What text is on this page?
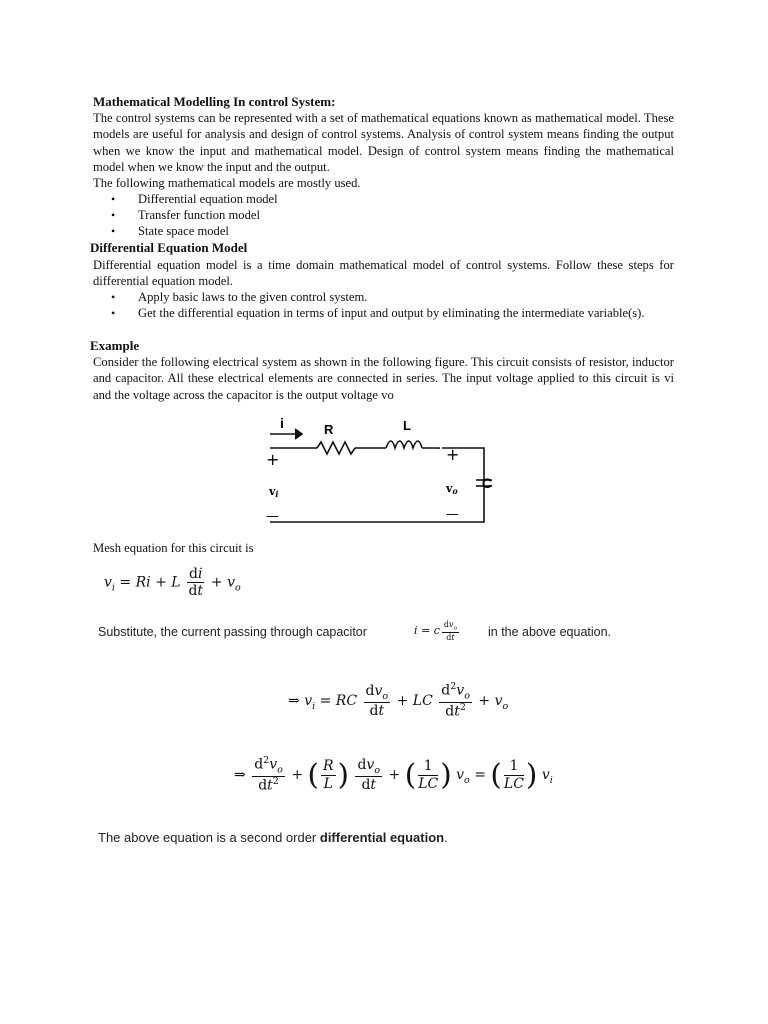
Mathematical Modelling In control System:
The control systems can be represented with a set of mathematical equations known as mathematical model. These models are useful for analysis and design of control systems. Analysis of control system means finding the output when we know the input and mathematical model. Design of control system means finding the mathematical model when we know the input and the output.
The following mathematical models are mostly used.
• Differential equation model
• Transfer function model
• State space model
Differential Equation Model
Differential equation model is a time domain mathematical model of control systems. Follow these steps for differential equation model.
• Apply basic laws to the given control system.
• Get the differential equation in terms of input and output by eliminating the intermediate variable(s).
Example
Consider the following electrical system as shown in the following figure. This circuit consists of resistor, inductor and capacitor. All these electrical elements are connected in series. The input voltage applied to this circuit is vi and the voltage across the capacitor is the output voltage vo
i	R	L
C
+	+
vi	vo
—	—
Mesh equation for this circuit is
$v_i = Ri + L \frac{di}{dt} + v_o$
Substitute, the current passing through capacitor	i = c $\frac{dv_o}{dt}$ in the above equation.
⇒ $v_i$ = RC $\frac{dv_o}{dt}$ + LC $\frac{d^2v_o}{dt^2} + v_o$
⇒ $\frac{d^2v_o}{dt^2}$ + ( $\frac{R}{L}$ ) $\frac{dv_o}{dt}$ + ( $\frac{1}{LC}$ ) $v_o$ = ( $\frac{1}{LC}$ ) $v_i$
The above equation is a second order differential equation.
